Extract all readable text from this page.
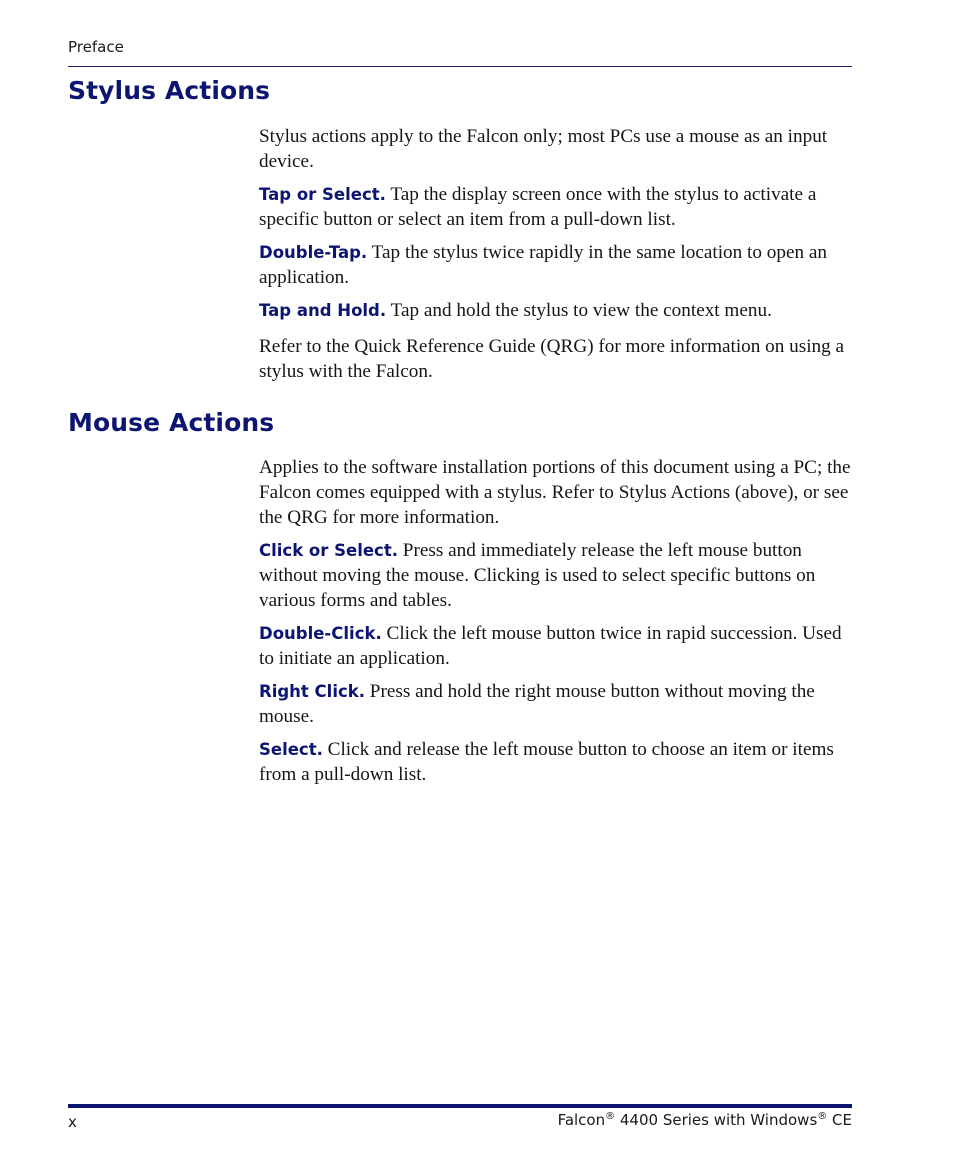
Preface
Stylus Actions

Stylus actions apply to the Falcon only; most PCs use a mouse as an input device.

Tap or Select. Tap the display screen once with the stylus to activate a specific button or select an item from a pull-down list.

Double-Tap. Tap the stylus twice rapidly in the same location to open an application.

Tap and Hold. Tap and hold the stylus to view the context menu.

Refer to the Quick Reference Guide (QRG) for more information on using a stylus with the Falcon.

Mouse Actions

Applies to the software installation portions of this document using a PC; the Falcon comes equipped with a stylus. Refer to Stylus Actions (above), or see the QRG for more information.

Click or Select. Press and immediately release the left mouse button without moving the mouse. Clicking is used to select specific buttons on various forms and tables.

Double-Click. Click the left mouse button twice in rapid succession. Used to initiate an application.

Right Click. Press and hold the right mouse button without moving the mouse.

Select. Click and release the left mouse button to choose an item or items from a pull-down list.

x	Falcon® 4400 Series with Windows® CE
